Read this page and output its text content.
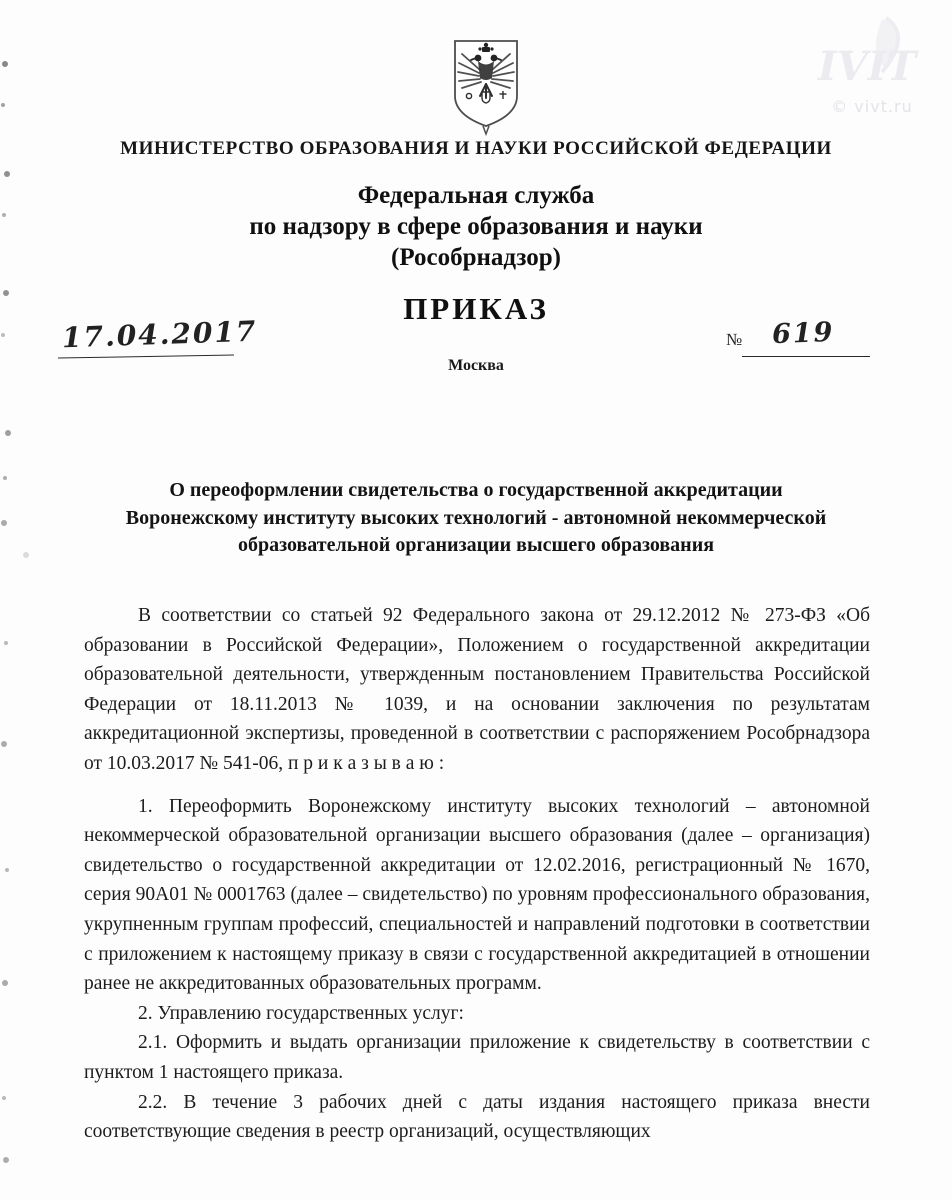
IVIT
© vivt.ru
МИНИСТЕРСТВО ОБРАЗОВАНИЯ И НАУКИ РОССИЙСКОЙ ФЕДЕРАЦИИ
Федеральная служба
по надзору в сфере образования и науки
(Рособрнадзор)
ПРИКАЗ
17.04.2017	№ 619
Москва
О переоформлении свидетельства о государственной аккредитации
Воронежскому институту высоких технологий - автономной некоммерческой
образовательной организации высшего образования

В соответствии со статьей 92 Федерального закона от 29.12.2012 № 273-ФЗ «Об образовании в Российской Федерации», Положением о государственной аккредитации образовательной деятельности, утвержденным постановлением Правительства Российской Федерации от 18.11.2013 № 1039, и на основании заключения по результатам аккредитационной экспертизы, проведенной в соответствии с распоряжением Рособрнадзора от 10.03.2017 № 541-06, п р и к а з ы в а ю :

1. Переоформить Воронежскому институту высоких технологий – автономной некоммерческой образовательной организации высшего образования (далее – организация) свидетельство о государственной аккредитации от 12.02.2016, регистрационный № 1670, серия 90А01 № 0001763 (далее – свидетельство) по уровням профессионального образования, укрупненным группам профессий, специальностей и направлений подготовки в соответствии с приложением к настоящему приказу в связи с государственной аккредитацией в отношении ранее не аккредитованных образовательных программ.

2. Управлению государственных услуг:

2.1. Оформить и выдать организации приложение к свидетельству в соответствии с пунктом 1 настоящего приказа.

2.2. В течение 3 рабочих дней с даты издания настоящего приказа внести соответствующие сведения в реестр организаций, осуществляющих
